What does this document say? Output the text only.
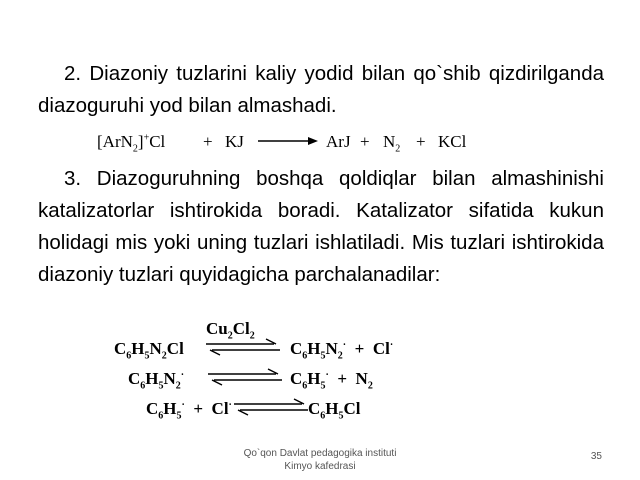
2. Diazoniy tuzlarini kaliy yodid bilan qo`shib qizdirilganda diazoguruhi yod bilan almashadi.

[ArN$_2$]+Cl + KJ → ArJ + $N_2$ + KCl

3. Diazoguruhning boshqa qoldiqlar bilan almashinishi katalizatorlar ishtirokida boradi. Katalizator sifatida kukun holidagi mis yoki uning tuzlari ishlatiladi. Mis tuzlari ishtirokida diazoniy tuzlari quyidagicha parchalanadilar:

$Cu_2Cl_2$
$C_6H_5N_2Cl$	$C_6H_5N_2^\cdot + Cl^\cdot$
$C_6H_5N_2^\cdot$	$C_6H_5^\cdot + N_2$
$C_6H_5^\cdot + Cl^\cdot$	$C_6H_5Cl$
Qo`qon Davlat pedagogika instituti
Kimyo kafedrasi
35
